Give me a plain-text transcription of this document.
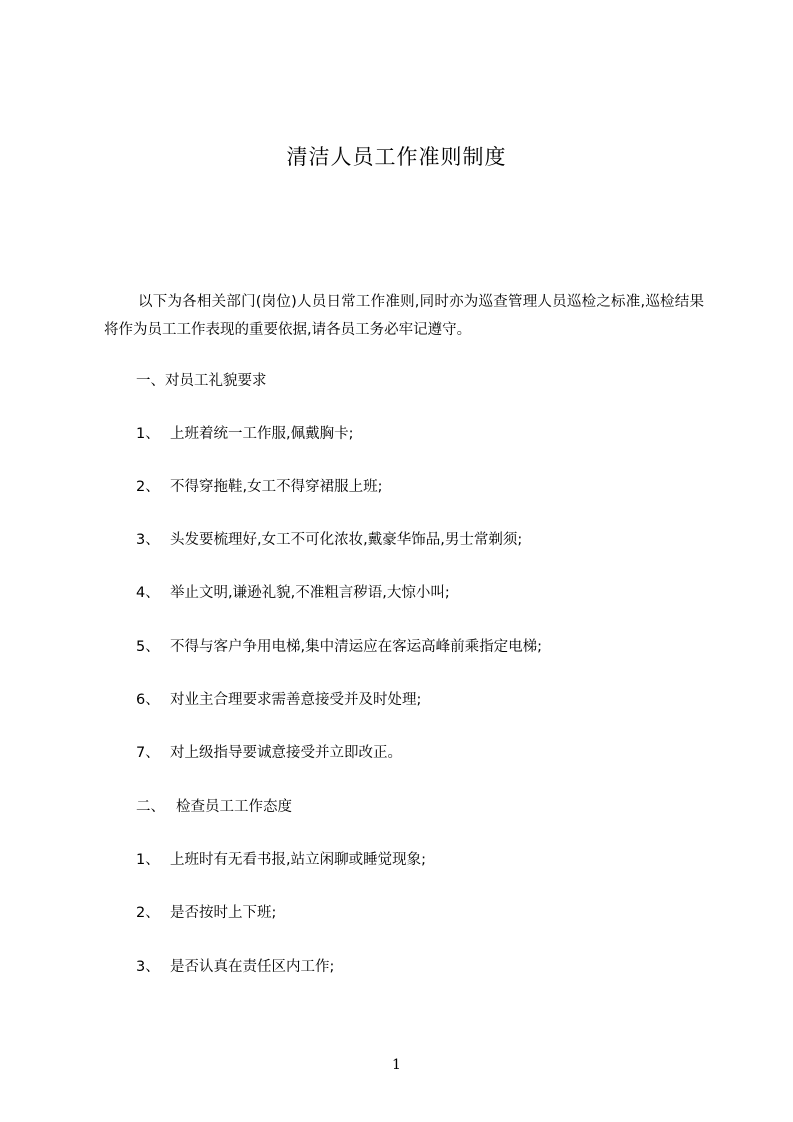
清洁人员工作准则制度
以下为各相关部门(岗位)人员日常工作准则,同时亦为巡查管理人员巡检之标准,巡检结果将作为员工工作表现的重要依据,请各员工务必牢记遵守。
一、对员工礼貌要求
1、 上班着统一工作服,佩戴胸卡;
2、 不得穿拖鞋,女工不得穿裙服上班;
3、 头发要梳理好,女工不可化浓妆,戴豪华饰品,男士常剃须;
4、 举止文明,谦逊礼貌,不准粗言秽语,大惊小叫;
5、 不得与客户争用电梯,集中清运应在客运高峰前乘指定电梯;
6、 对业主合理要求需善意接受并及时处理;
7、 对上级指导要诚意接受并立即改正。
二、 检查员工工作态度
1、 上班时有无看书报,站立闲聊或睡觉现象;
2、 是否按时上下班;
3、 是否认真在责任区内工作;
1
